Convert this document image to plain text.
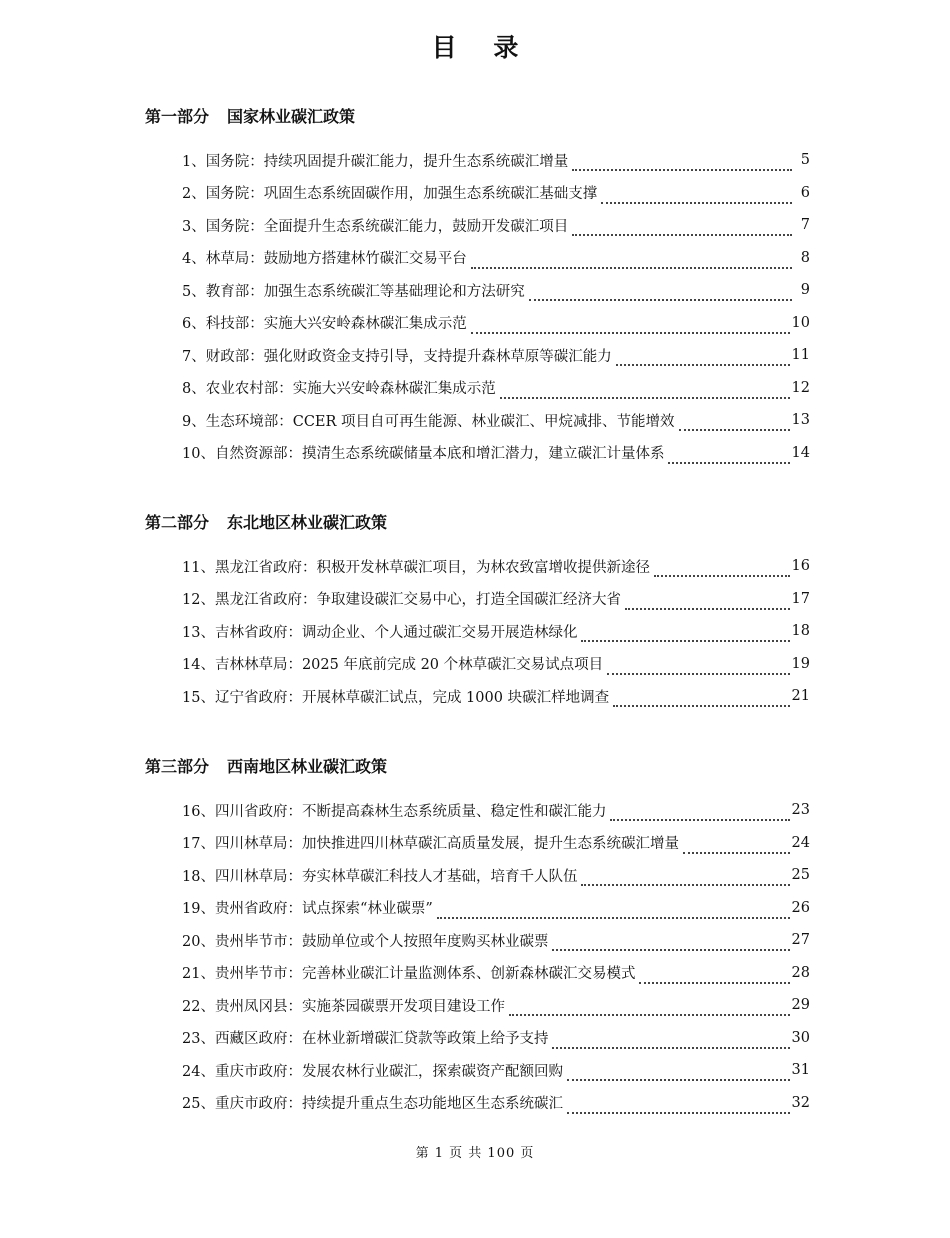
目 录
第一部分 国家林业碳汇政策
1、国务院：持续巩固提升碳汇能力，提升生态系统碳汇增量	5
2、国务院：巩固生态系统固碳作用，加强生态系统碳汇基础支撑	6
3、国务院：全面提升生态系统碳汇能力，鼓励开发碳汇项目	7
4、林草局：鼓励地方搭建林竹碳汇交易平台	8
5、教育部：加强生态系统碳汇等基础理论和方法研究	9
6、科技部：实施大兴安岭森林碳汇集成示范	10
7、财政部：强化财政资金支持引导，支持提升森林草原等碳汇能力	11
8、农业农村部：实施大兴安岭森林碳汇集成示范	12
9、生态环境部：CCER 项目自可再生能源、林业碳汇、甲烷减排、节能增效	13
10、自然资源部：摸清生态系统碳储量本底和增汇潜力，建立碳汇计量体系	14
第二部分 东北地区林业碳汇政策
11、黑龙江省政府：积极开发林草碳汇项目，为林农致富增收提供新途径	16
12、黑龙江省政府：争取建设碳汇交易中心，打造全国碳汇经济大省	17
13、吉林省政府：调动企业、个人通过碳汇交易开展造林绿化	18
14、吉林林草局：2025 年底前完成 20 个林草碳汇交易试点项目	19
15、辽宁省政府：开展林草碳汇试点，完成 1000 块碳汇样地调查	21
第三部分 西南地区林业碳汇政策
16、四川省政府：不断提高森林生态系统质量、稳定性和碳汇能力	23
17、四川林草局：加快推进四川林草碳汇高质量发展，提升生态系统碳汇增量	24
18、四川林草局：夯实林草碳汇科技人才基础，培育千人队伍	25
19、贵州省政府：试点探索“林业碳票”	26
20、贵州毕节市：鼓励单位或个人按照年度购买林业碳票	27
21、贵州毕节市：完善林业碳汇计量监测体系、创新森林碳汇交易模式	28
22、贵州凤冈县：实施茶园碳票开发项目建设工作	29
23、西藏区政府：在林业新增碳汇贷款等政策上给予支持	30
24、重庆市政府：发展农林行业碳汇，探索碳资产配额回购	31
25、重庆市政府：持续提升重点生态功能地区生态系统碳汇	32
第 1 页 共 100 页
